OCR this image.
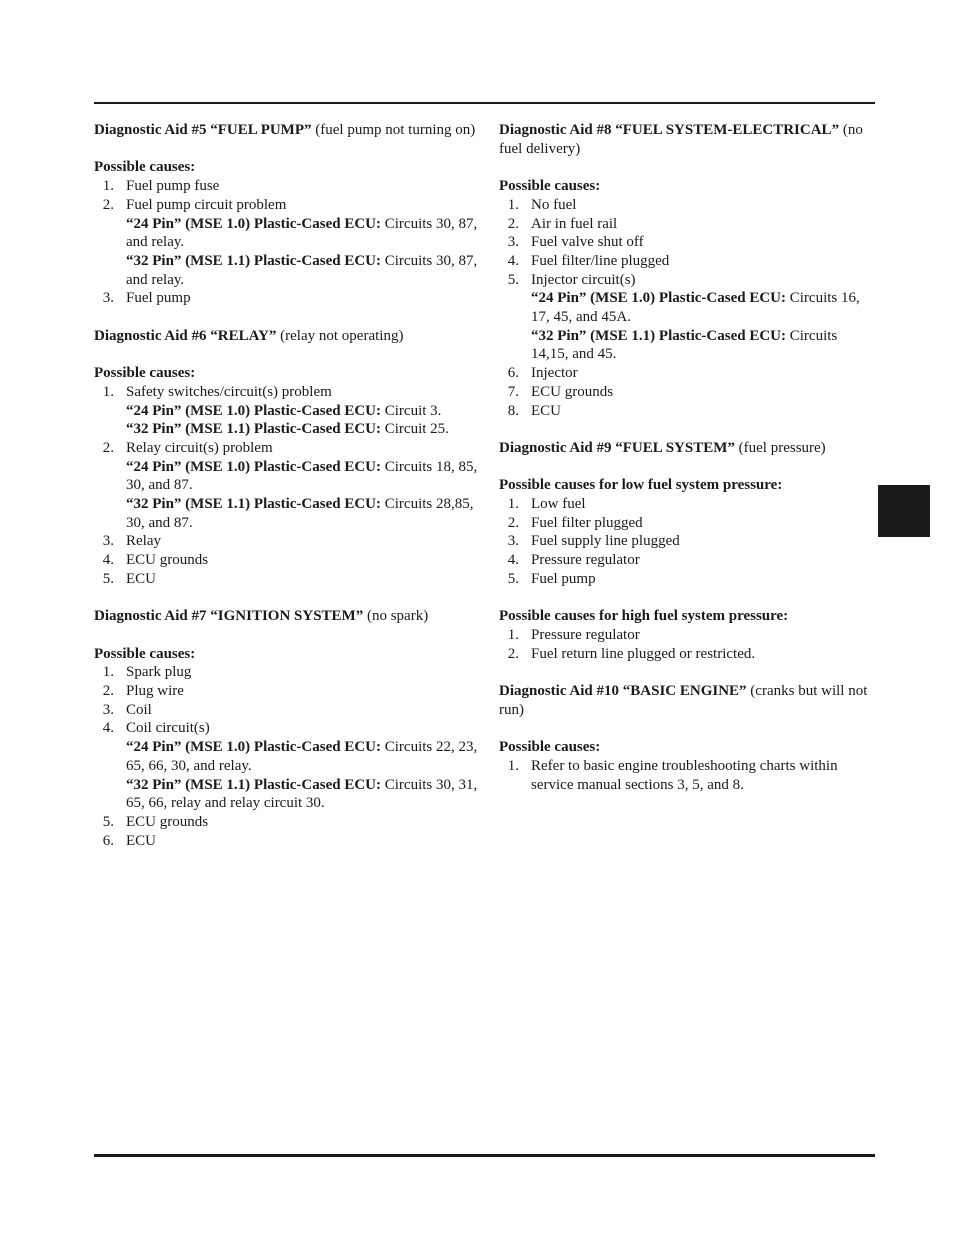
Diagnostic Aid #5 “FUEL PUMP” (fuel pump not turning on)

Possible causes:

1. Fuel pump fuse
2. Fuel pump circuit problem
“24 Pin” (MSE 1.0) Plastic-Cased ECU: Circuits 30, 87, and relay.
“32 Pin” (MSE 1.1) Plastic-Cased ECU: Circuits 30, 87, and relay.
3. Fuel pump

Diagnostic Aid #6 “RELAY” (relay not operating)

Possible causes:

1. Safety switches/circuit(s) problem
“24 Pin” (MSE 1.0) Plastic-Cased ECU: Circuit 3.
“32 Pin” (MSE 1.1) Plastic-Cased ECU: Circuit 25.
2. Relay circuit(s) problem
“24 Pin” (MSE 1.0) Plastic-Cased ECU: Circuits 18, 85, 30, and 87.
“32 Pin” (MSE 1.1) Plastic-Cased ECU: Circuits 28,85, 30, and 87.
3. Relay
4. ECU grounds
5. ECU

Diagnostic Aid #7 “IGNITION SYSTEM” (no spark)

Possible causes:

1. Spark plug
2. Plug wire
3. Coil
4. Coil circuit(s)
“24 Pin” (MSE 1.0) Plastic-Cased ECU: Circuits 22, 23, 65, 66, 30, and relay.
“32 Pin” (MSE 1.1) Plastic-Cased ECU: Circuits 30, 31, 65, 66, relay and relay circuit 30.
5. ECU grounds
6. ECU

Diagnostic Aid #8 “FUEL SYSTEM-ELECTRICAL” (no fuel delivery)

Possible causes:

1. No fuel
2. Air in fuel rail
3. Fuel valve shut off
4. Fuel filter/line plugged
5. Injector circuit(s)
“24 Pin” (MSE 1.0) Plastic-Cased ECU: Circuits 16, 17, 45, and 45A.
“32 Pin” (MSE 1.1) Plastic-Cased ECU: Circuits 14,15, and 45.
6. Injector
7. ECU grounds
8. ECU

Diagnostic Aid #9 “FUEL SYSTEM” (fuel pressure)

Possible causes for low fuel system pressure:

1. Low fuel
2. Fuel filter plugged
3. Fuel supply line plugged
4. Pressure regulator
5. Fuel pump

Possible causes for high fuel system pressure:

1. Pressure regulator
2. Fuel return line plugged or restricted.

Diagnostic Aid #10 “BASIC ENGINE” (cranks but will not run)

Possible causes:

1. Refer to basic engine troubleshooting charts within service manual sections 3, 5, and 8.
